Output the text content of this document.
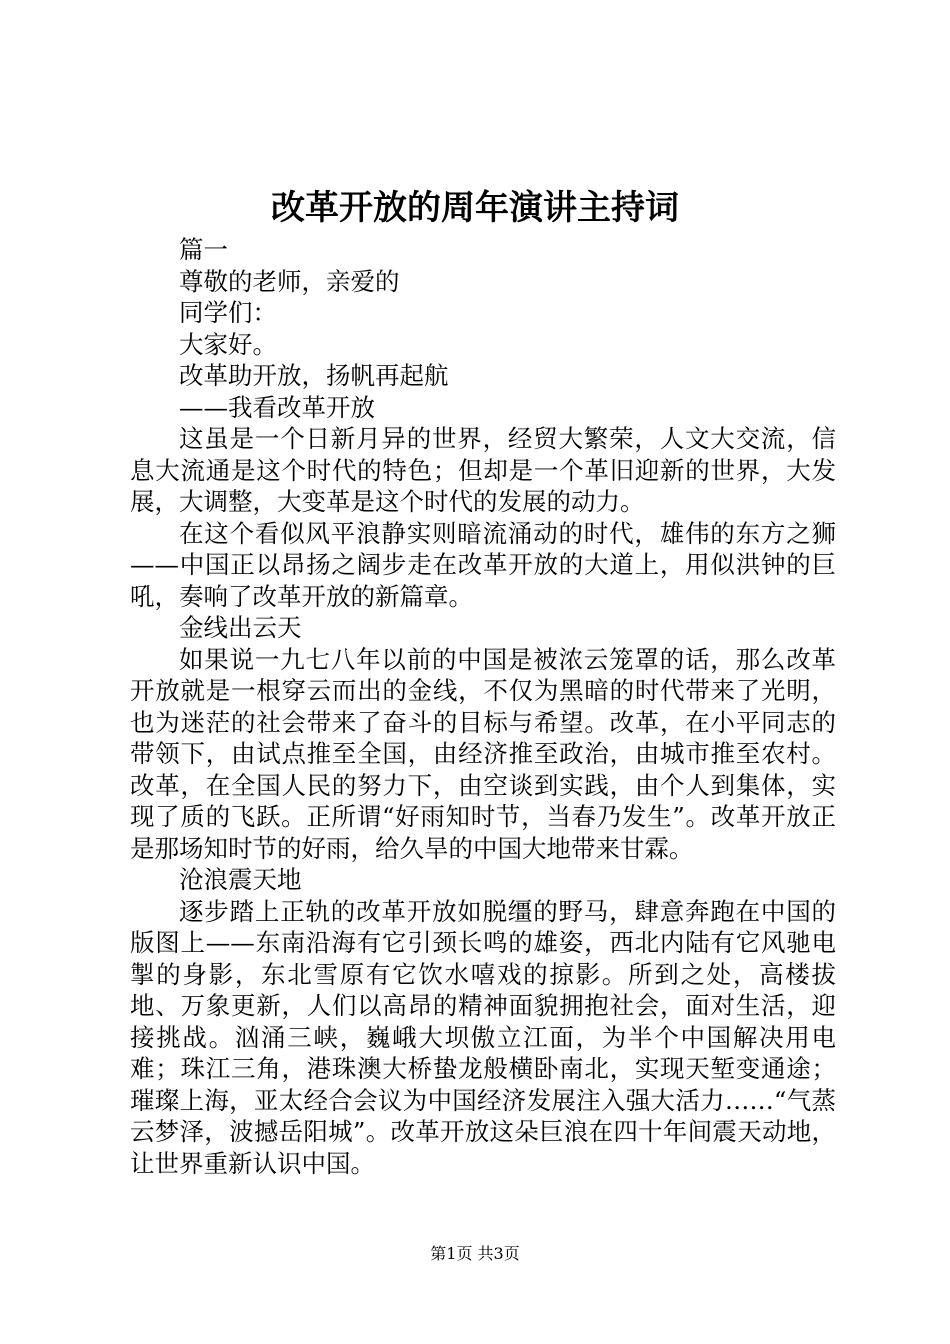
改革开放的周年演讲主持词

篇一

尊敬的老师，亲爱的

同学们：

大家好。

改革助开放，扬帆再起航

——我看改革开放

这虽是一个日新月异的世界，经贸大繁荣，人文大交流，信息大流通是这个时代的特色；但却是一个革旧迎新的世界，大发展，大调整，大变革是这个时代的发展的动力。

在这个看似风平浪静实则暗流涌动的时代，雄伟的东方之狮——中国正以昂扬之阔步走在改革开放的大道上，用似洪钟的巨吼，奏响了改革开放的新篇章。

金线出云天

如果说一九七八年以前的中国是被浓云笼罩的话，那么改革开放就是一根穿云而出的金线，不仅为黑暗的时代带来了光明，也为迷茫的社会带来了奋斗的目标与希望。改革，在小平同志的带领下，由试点推至全国，由经济推至政治，由城市推至农村。改革，在全国人民的努力下，由空谈到实践，由个人到集体，实现了质的飞跃。正所谓“好雨知时节，当春乃发生”。改革开放正是那场知时节的好雨，给久旱的中国大地带来甘霖。

沧浪震天地

逐步踏上正轨的改革开放如脱缰的野马，肆意奔跑在中国的版图上——东南沿海有它引颈长鸣的雄姿，西北内陆有它风驰电掣的身影，东北雪原有它饮水嘻戏的掠影。所到之处，高楼拔地、万象更新，人们以高昂的精神面貌拥抱社会，面对生活，迎接挑战。汹涌三峡，巍峨大坝傲立江面，为半个中国解决用电难；珠江三角，港珠澳大桥蛰龙般横卧南北，实现天堑变通途；璀璨上海，亚太经合会议为中国经济发展注入强大活力……“气蒸云梦泽，波撼岳阳城”。改革开放这朵巨浪在四十年间震天动地，让世界重新认识中国。

第1页 共3页
